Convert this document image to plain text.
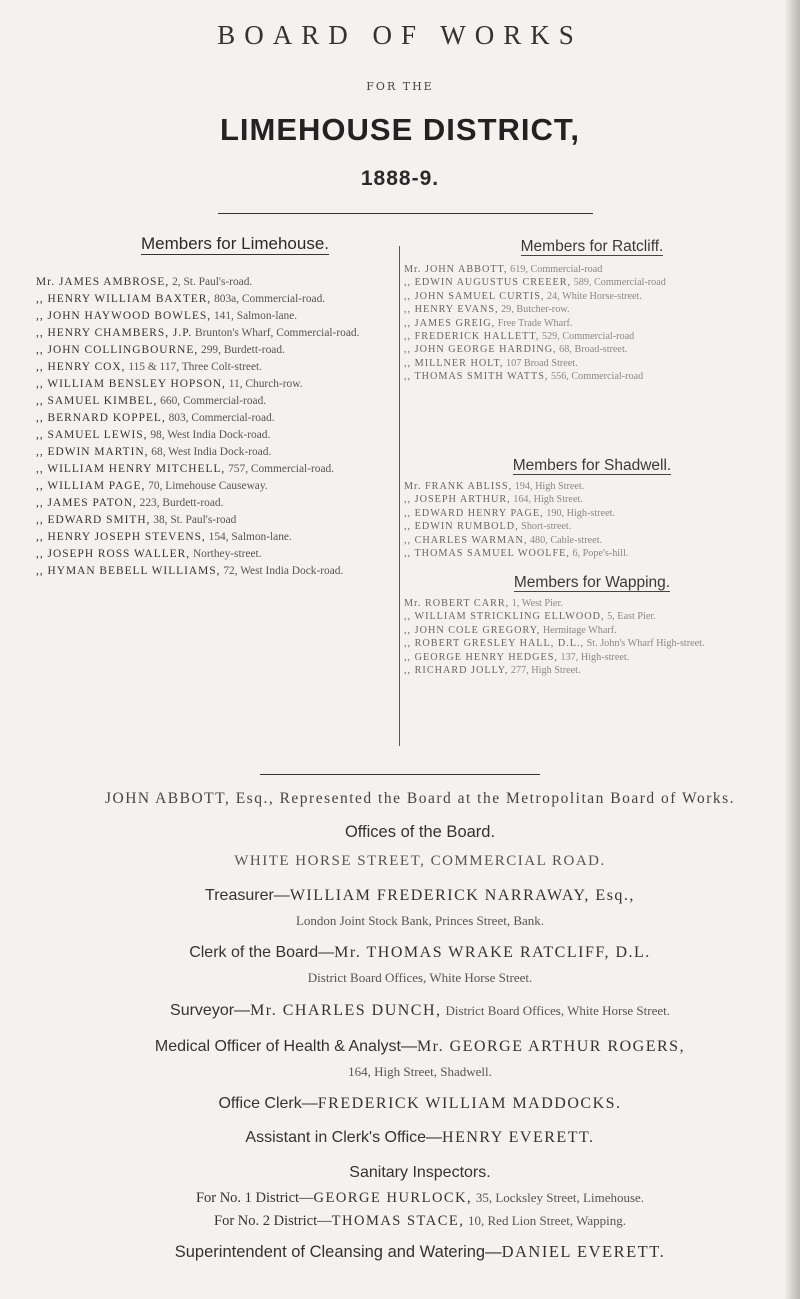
BOARD OF WORKS
FOR THE
LIMEHOUSE DISTRICT,
1888-9.
Members for Limehouse.
Mr. JAMES AMBROSE, 2, St. Paul's-road.
,, HENRY WILLIAM BAXTER, 803a, Commercial-road.
,, JOHN HAYWOOD BOWLES, 141, Salmon-lane.
,, HENRY CHAMBERS, J.P. Brunton's Wharf, Commercial-road.
,, JOHN COLLINGBOURNE, 299, Burdett-road.
,, HENRY COX, 115 & 117, Three Colt-street.
,, WILLIAM BENSLEY HOPSON, 11, Church-row.
,, SAMUEL KIMBEL, 660, Commercial-road.
,, BERNARD KOPPEL, 803, Commercial-road.
,, SAMUEL LEWIS, 98, West India Dock-road.
,, EDWIN MARTIN, 68, West India Dock-road.
,, WILLIAM HENRY MITCHELL, 757, Commercial-road.
,, WILLIAM PAGE, 70, Limehouse Causeway.
,, JAMES PATON, 223, Burdett-road.
,, EDWARD SMITH, 38, St. Paul's-road
,, HENRY JOSEPH STEVENS, 154, Salmon-lane.
,, JOSEPH ROSS WALLER, Northey-street.
,, HYMAN BEBELL WILLIAMS, 72, West India Dock-road.
Members for Ratcliff.
Mr. JOHN ABBOTT, 619, Commercial-road
,, EDWIN AUGUSTUS CREEER, 589, Commercial-road
,, JOHN SAMUEL CURTIS, 24, White Horse-street.
,, HENRY EVANS, 29, Butcher-row.
,, JAMES GREIG, Free Trade Wharf.
,, FREDERICK HALLETT, 529, Commercial-road
,, JOHN GEORGE HARDING, 68, Broad-street.
,, MILLNER HOLT, 107 Broad Street.
,, THOMAS SMITH WATTS, 556, Commercial-road
Members for Shadwell.
Mr. FRANK ABLISS, 194, High Street.
,, JOSEPH ARTHUR, 164, High Street.
,, EDWARD HENRY PAGE, 190, High-street.
,, EDWIN RUMBOLD, Short-street.
,, CHARLES WARMAN, 480, Cable-street.
,, THOMAS SAMUEL WOOLFE, 6, Pope's-hill.
Members for Wapping.
Mr. ROBERT CARR, 1, West Pier.
,, WILLIAM STRICKLING ELLWOOD, 5, East Pier.
,, JOHN COLE GREGORY, Hermitage Wharf.
,, ROBERT GRESLEY HALL, D.L., St. John's Wharf High-street.
,, GEORGE HENRY HEDGES, 137, High-street.
,, RICHARD JOLLY, 277, High Street.
JOHN ABBOTT, Esq., Represented the Board at the Metropolitan Board of Works.
Offices of the Board.
WHITE HORSE STREET, COMMERCIAL ROAD.
Treasurer—WILLIAM FREDERICK NARRAWAY, Esq.,
London Joint Stock Bank, Princes Street, Bank.
Clerk of the Board—Mr. THOMAS WRAKE RATCLIFF, D.L.
District Board Offices, White Horse Street.
Surveyor—Mr. CHARLES DUNCH, District Board Offices, White Horse Street.
Medical Officer of Health & Analyst—Mr. GEORGE ARTHUR ROGERS,
164, High Street, Shadwell.
Office Clerk—FREDERICK WILLIAM MADDOCKS.
Assistant in Clerk's Office—HENRY EVERETT.
Sanitary Inspectors.
For No. 1 District—GEORGE HURLOCK, 35, Locksley Street, Limehouse.
For No. 2 District—THOMAS STACE, 10, Red Lion Street, Wapping.
Superintendent of Cleansing and Watering—DANIEL EVERETT.
